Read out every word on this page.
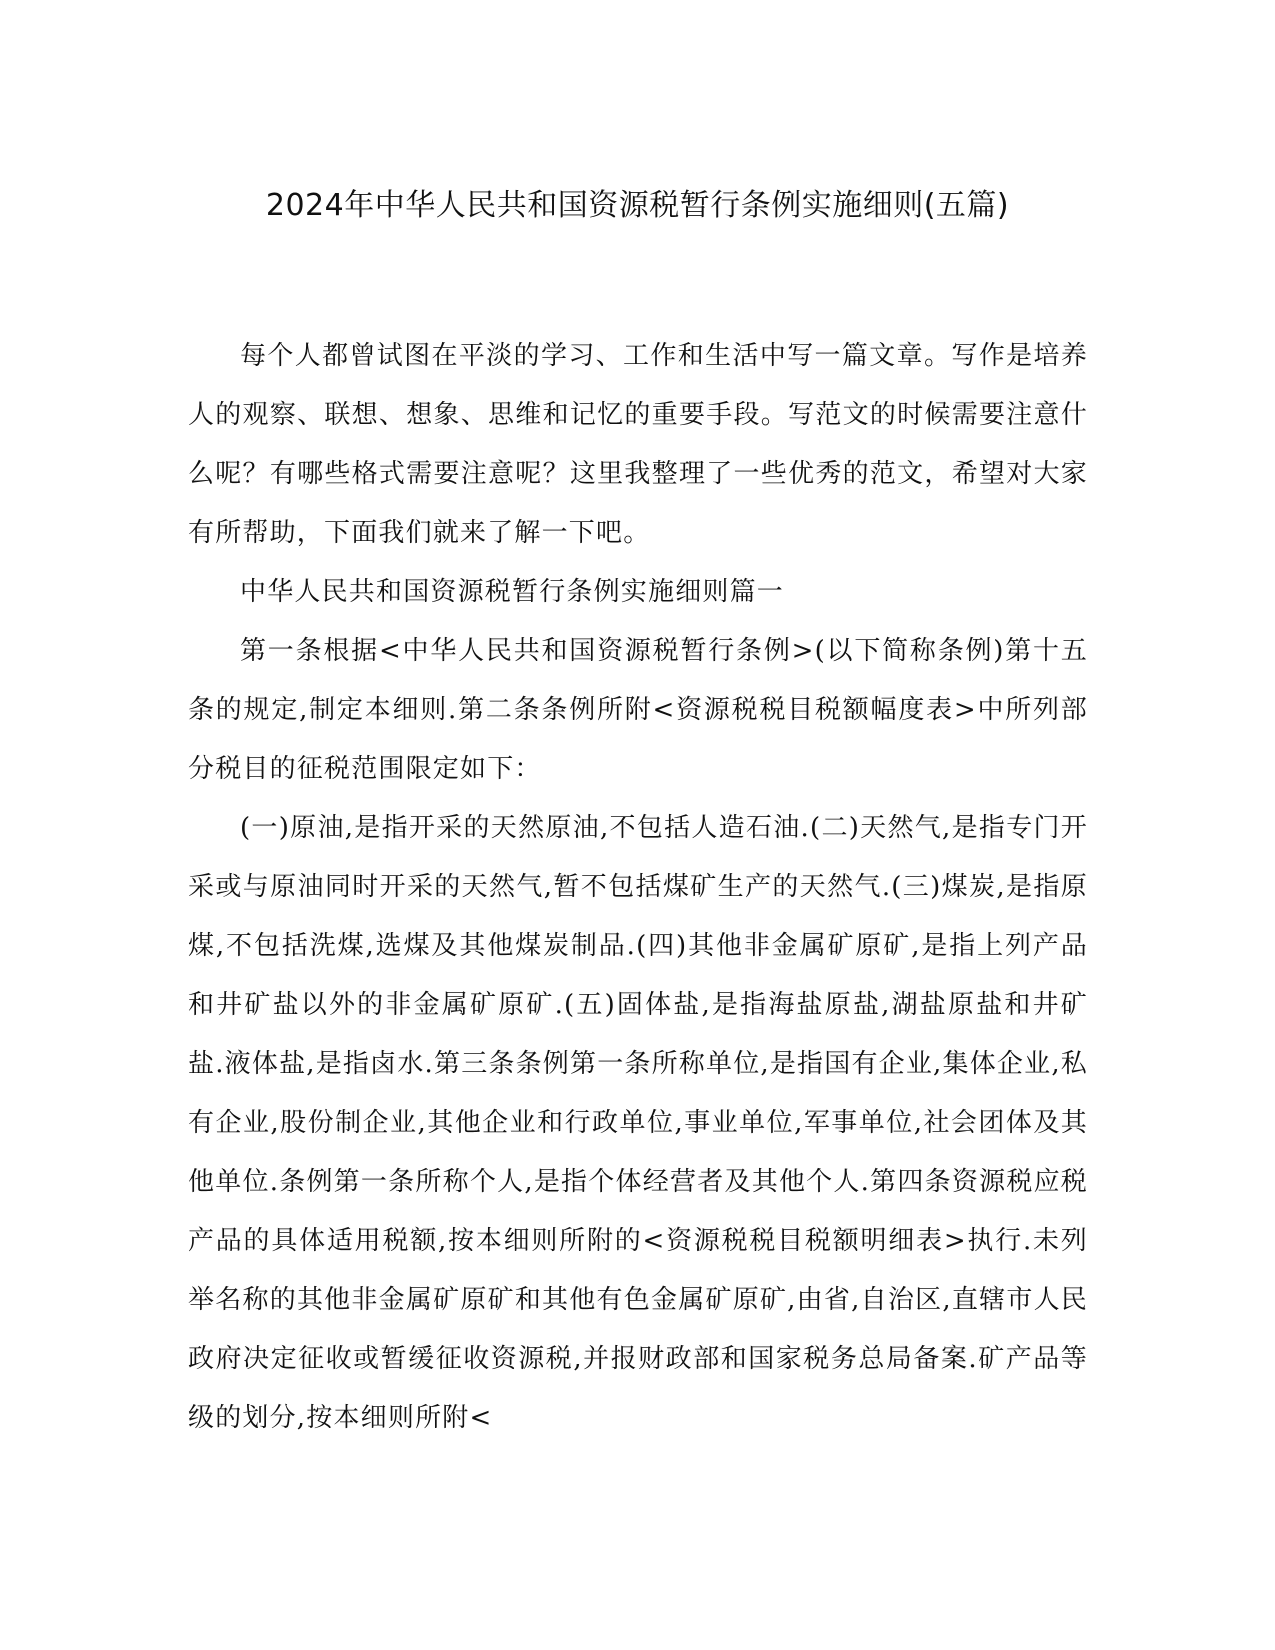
2024年中华人民共和国资源税暂行条例实施细则(五篇)

每个人都曾试图在平淡的学习、工作和生活中写一篇文章。写作是培养人的观察、联想、想象、思维和记忆的重要手段。写范文的时候需要注意什么呢？有哪些格式需要注意呢？这里我整理了一些优秀的范文，希望对大家有所帮助，下面我们就来了解一下吧。

中华人民共和国资源税暂行条例实施细则篇一

第一条根据<中华人民共和国资源税暂行条例>(以下简称条例)第十五条的规定,制定本细则.第二条条例所附<资源税税目税额幅度表>中所列部分税目的征税范围限定如下：

(一)原油,是指开采的天然原油,不包括人造石油.(二)天然气,是指专门开采或与原油同时开采的天然气,暂不包括煤矿生产的天然气.(三)煤炭,是指原煤,不包括洗煤,选煤及其他煤炭制品.(四)其他非金属矿原矿,是指上列产品和井矿盐以外的非金属矿原矿.(五)固体盐,是指海盐原盐,湖盐原盐和井矿盐.液体盐,是指卤水.第三条条例第一条所称单位,是指国有企业,集体企业,私有企业,股份制企业,其他企业和行政单位,事业单位,军事单位,社会团体及其他单位.条例第一条所称个人,是指个体经营者及其他个人.第四条资源税应税产品的具体适用税额,按本细则所附的<资源税税目税额明细表>执行.未列举名称的其他非金属矿原矿和其他有色金属矿原矿,由省,自治区,直辖市人民政府决定征收或暂缓征收资源税,并报财政部和国家税务总局备案.矿产品等级的划分,按本细则所附<
